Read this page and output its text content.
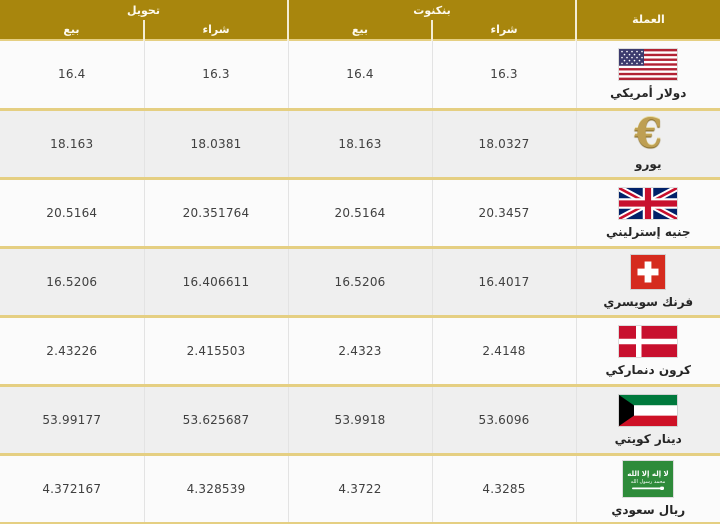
تحويل		بنكنوت		العملة
بيع	شراء	بيع	شراء	
16.4	16.3	16.4	16.3	دولار أمريكي

18.163	18.0381	18.163	18.0327	€
يورو

20.5164	20.351764	20.5164	20.3457	جنيه إسترليني

16.5206	16.406611	16.5206	16.4017	فرنك سويسري

2.43226	2.415503	2.4323	2.4148	كرون دنماركي

53.99177	53.625687	53.9918	53.6096	دينار كويتي

4.372167	4.328539	4.3722	4.3285	لا إله إلا الله
محمد رسول الله
ريال سعودي
